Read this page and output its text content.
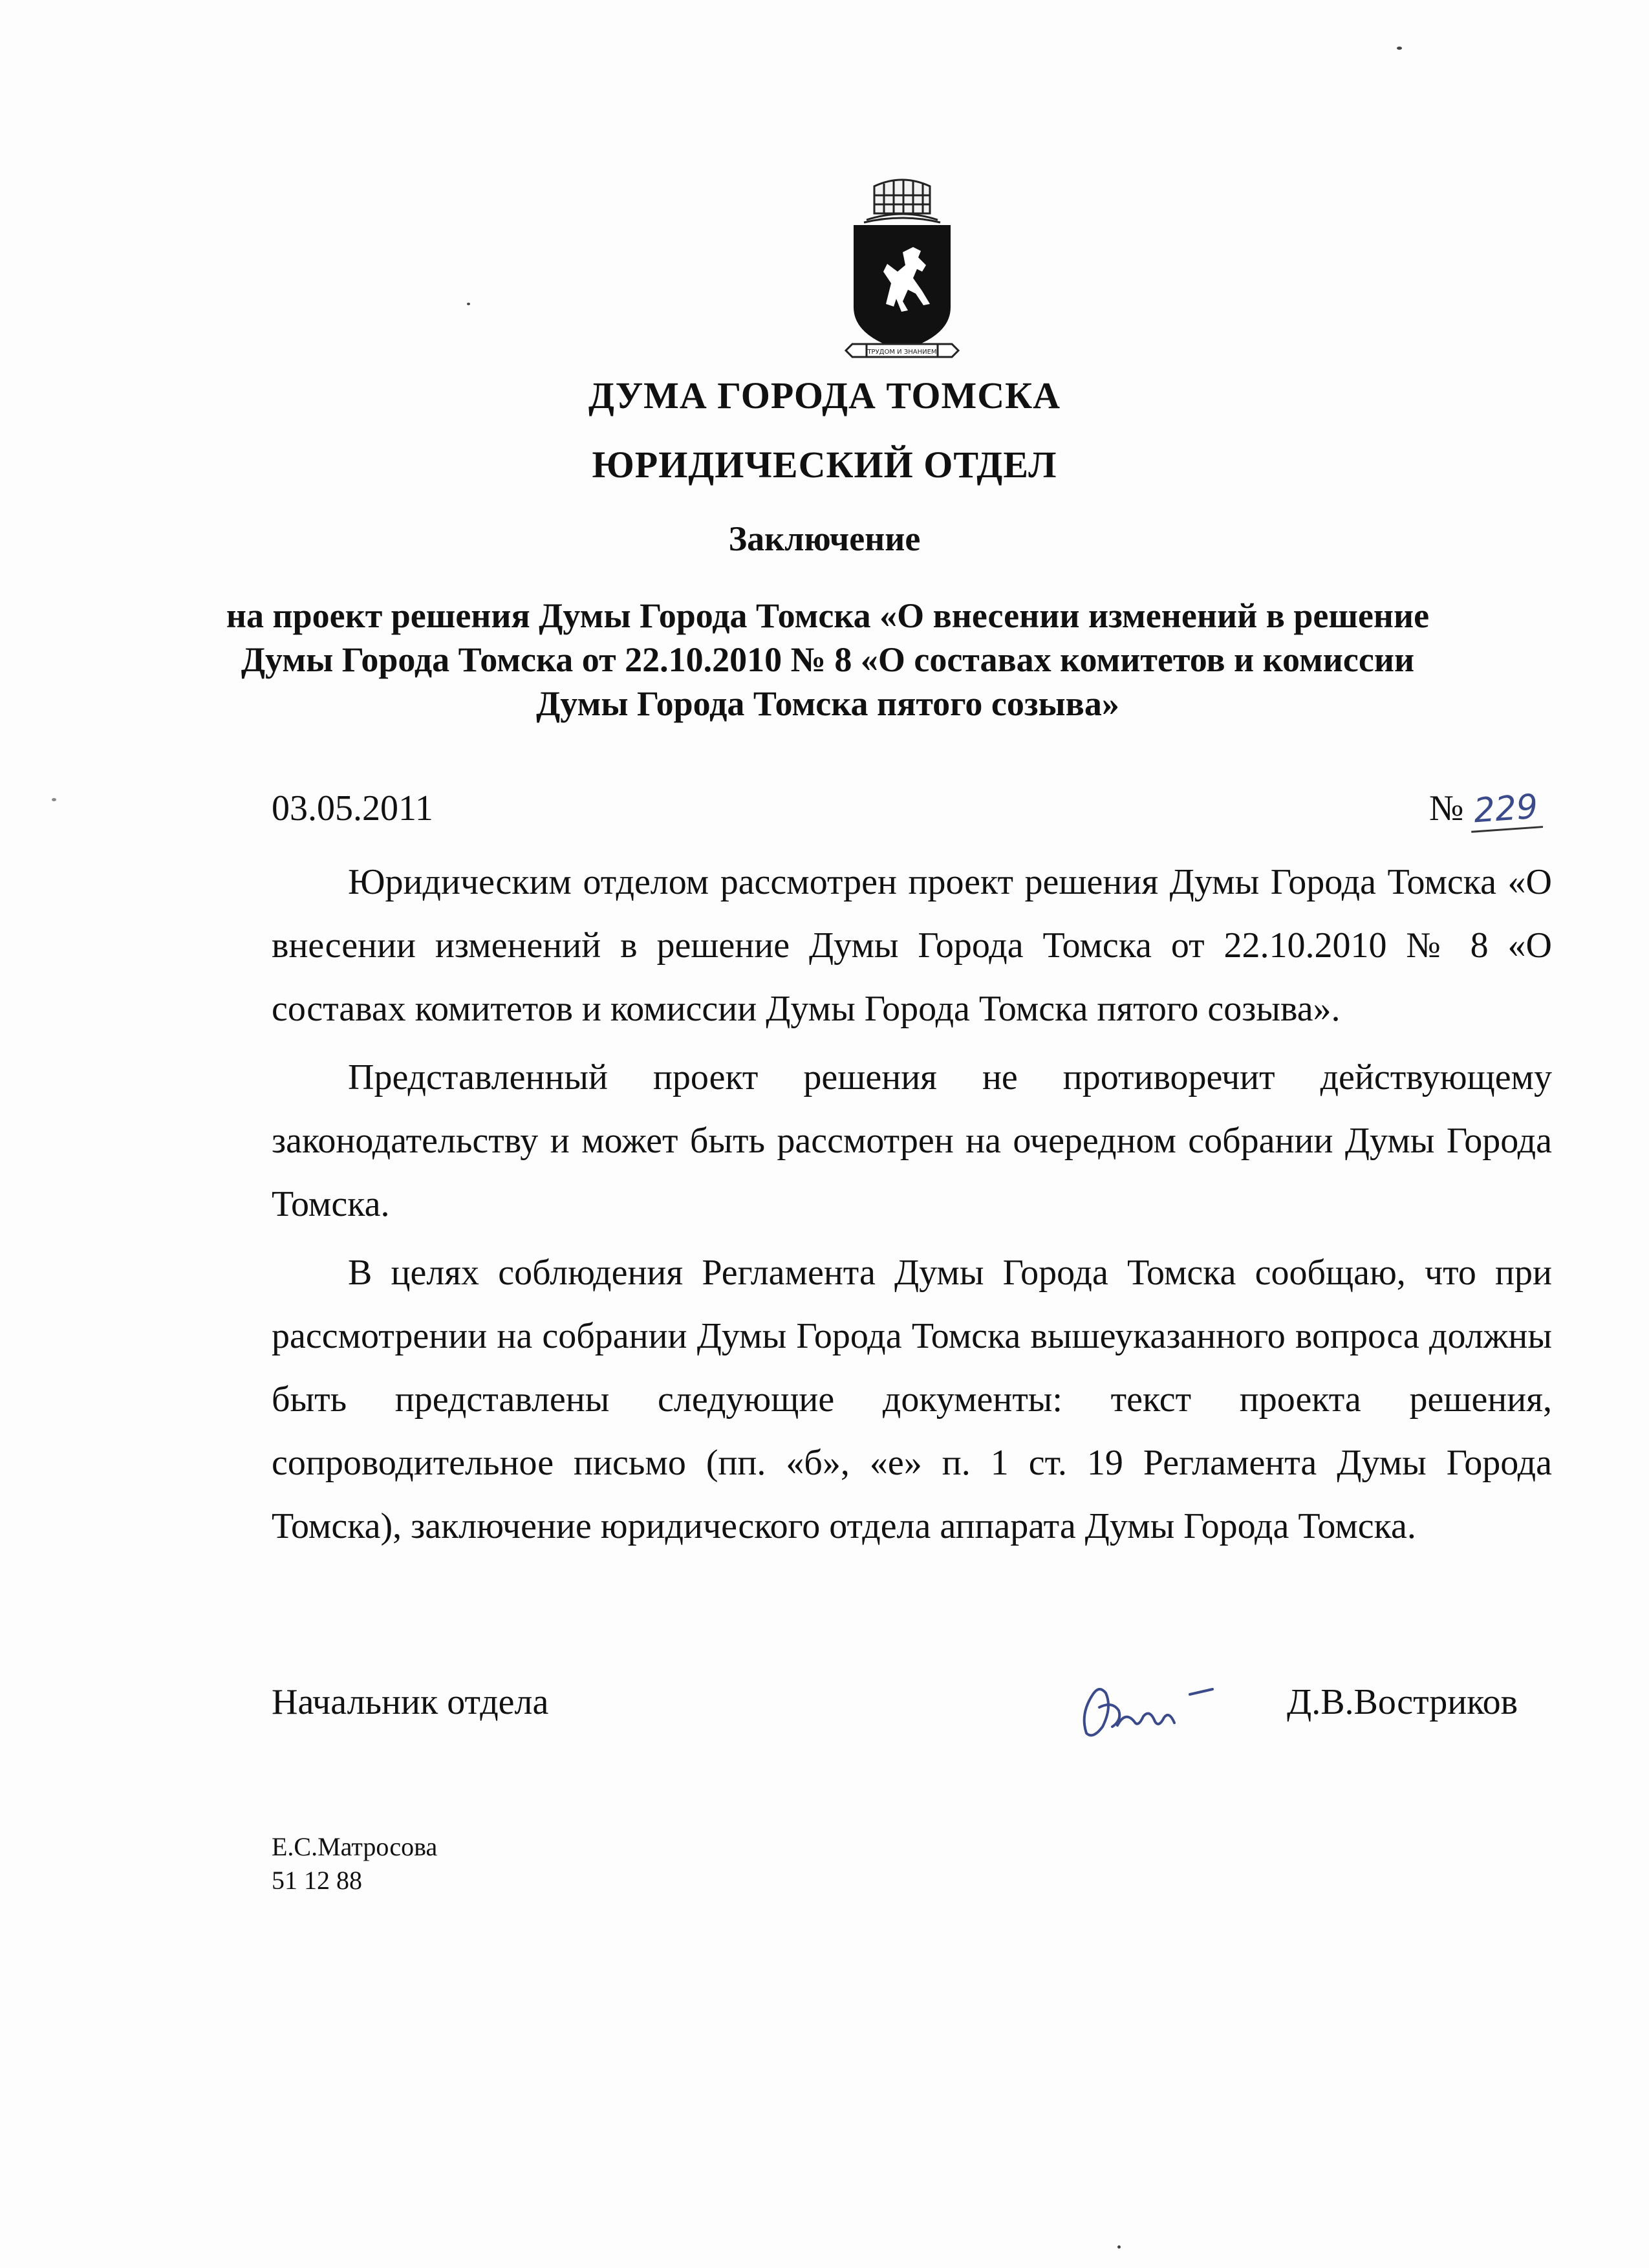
ТРУДОМ И ЗНАНИЕМ
ДУМА ГОРОДА ТОМСКА
ЮРИДИЧЕСКИЙ ОТДЕЛ
Заключение
на проект решения Думы Города Томска «О внесении изменений в решение Думы Города Томска от 22.10.2010 № 8 «О составах комитетов и комиссии Думы Города Томска пятого созыва»
03.05.2011	№ 229

Юридическим отделом рассмотрен проект решения Думы Города Томска «О внесении изменений в решение Думы Города Томска от 22.10.2010 № 8 «О составах комитетов и комиссии Думы Города Томска пятого созыва».

Представленный проект решения не противоречит действующему законодательству и может быть рассмотрен на очередном собрании Думы Города Томска.

В целях соблюдения Регламента Думы Города Томска сообщаю, что при рассмотрении на собрании Думы Города Томска вышеуказанного вопроса должны быть представлены следующие документы: текст проекта решения, сопроводительное письмо (пп. «б», «е» п. 1 ст. 19 Регламента Думы Города Томска), заключение юридического отдела аппарата Думы Города Томска.

Начальник отдела	Д.В.Востриков
Е.С.Матросова
51 12 88
